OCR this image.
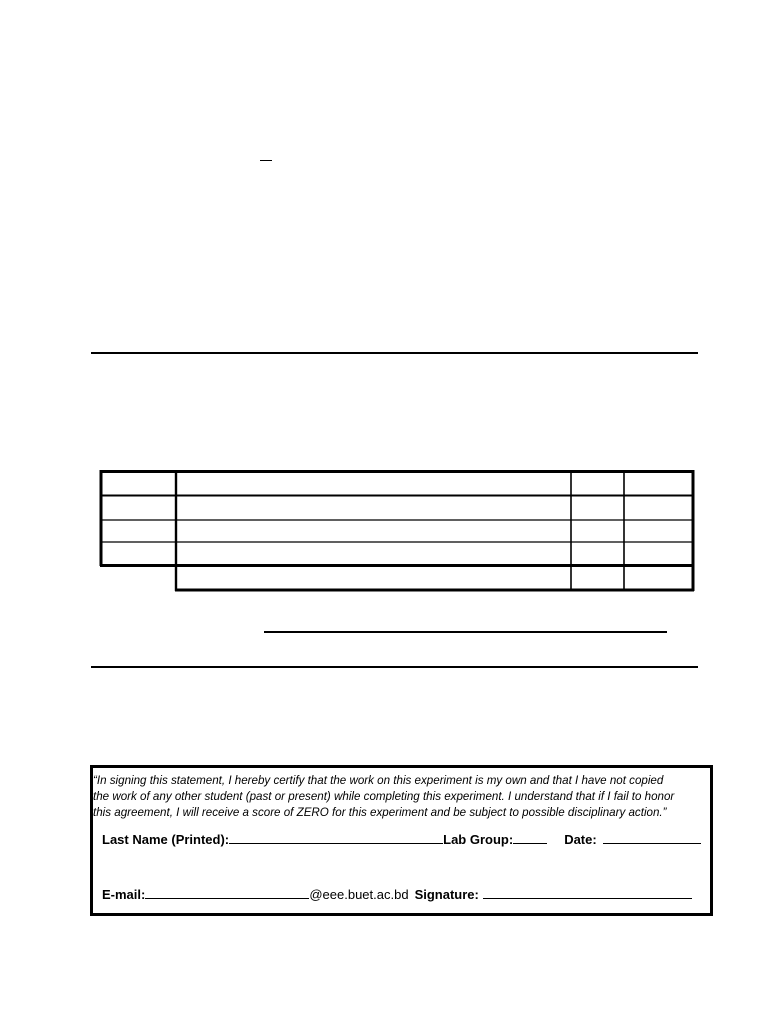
“In signing this statement, I hereby certify that the work on this experiment is my own and that I have not copied
the work of any other student (past or present) while completing this experiment. I understand that if I fail to honor
this agreement, I will receive a score of ZERO for this experiment and be subject to possible disciplinary action.”

Last Name (Printed):	Lab Group:	Date:
E-mail:	@eee.buet.ac.bd Signature:
